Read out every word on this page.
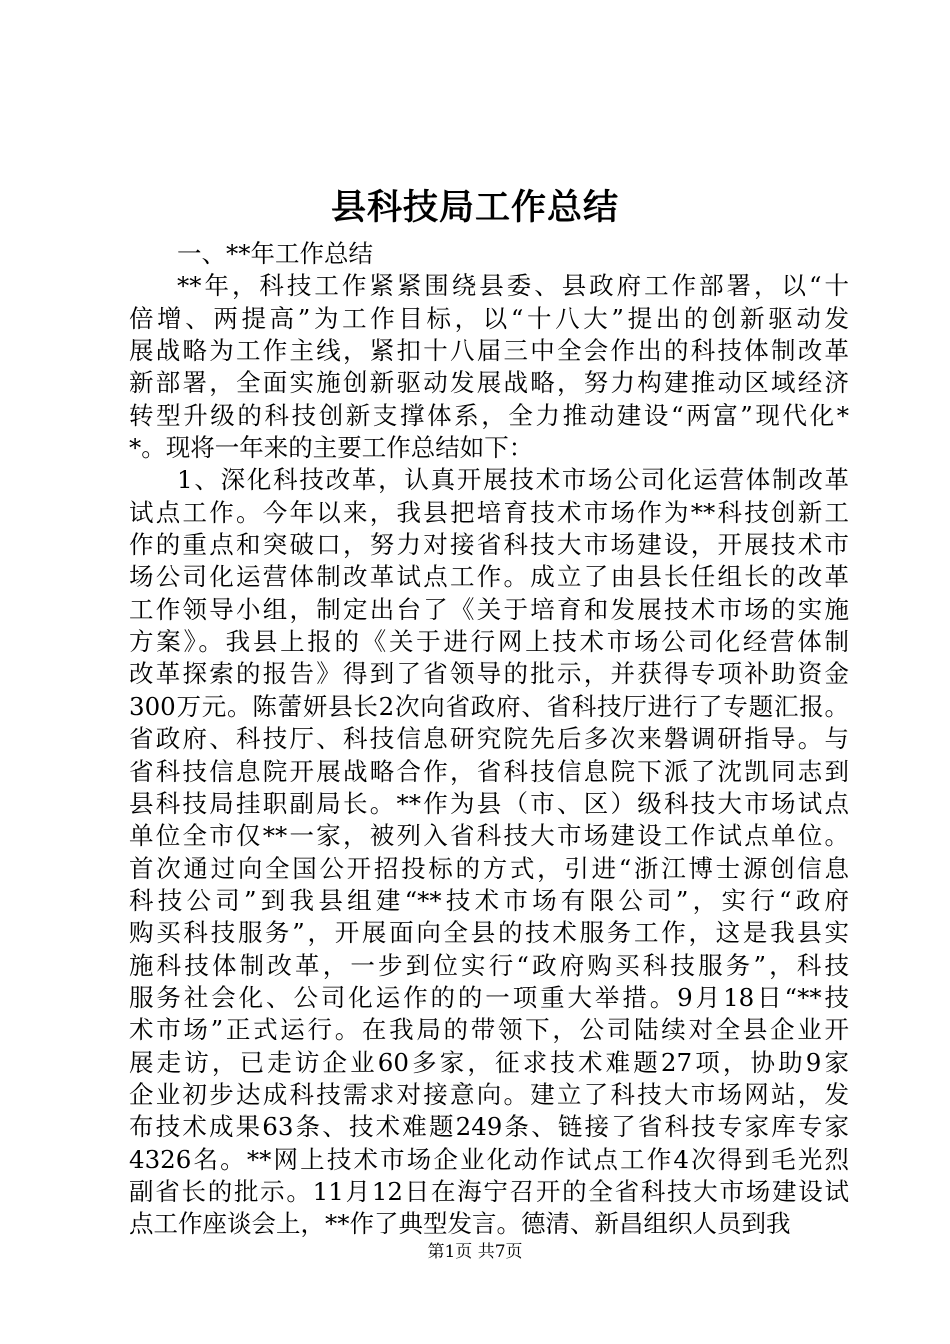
县科技局工作总结
一、**年工作总结
**年，科技工作紧紧围绕县委、县政府工作部署，以“十
倍增、两提高”为工作目标，以“十八大”提出的创新驱动发
展战略为工作主线，紧扣十八届三中全会作出的科技体制改革
新部署，全面实施创新驱动发展战略，努力构建推动区域经济
转型升级的科技创新支撑体系，全力推动建设“两富”现代化*
*。现将一年来的主要工作总结如下：
1、深化科技改革，认真开展技术市场公司化运营体制改革
试点工作。今年以来，我县把培育技术市场作为**科技创新工
作的重点和突破口，努力对接省科技大市场建设，开展技术市
场公司化运营体制改革试点工作。成立了由县长任组长的改革
工作领导小组，制定出台了《关于培育和发展技术市场的实施
方案》。我县上报的《关于进行网上技术市场公司化经营体制
改革探索的报告》得到了省领导的批示，并获得专项补助资金
300万元。陈蕾妍县长2次向省政府、省科技厅进行了专题汇报。
省政府、科技厅、科技信息研究院先后多次来磐调研指导。与
省科技信息院开展战略合作，省科技信息院下派了沈凯同志到
县科技局挂职副局长。**作为县（市、区）级科技大市场试点
单位全市仅**一家，被列入省科技大市场建设工作试点单位。
首次通过向全国公开招投标的方式，引进“浙江博士源创信息
科技公司”到我县组建“**技术市场有限公司”，实行“政府
购买科技服务”，开展面向全县的技术服务工作，这是我县实
施科技体制改革，一步到位实行“政府购买科技服务”，科技
服务社会化、公司化运作的的一项重大举措。9月18日“**技
术市场”正式运行。在我局的带领下，公司陆续对全县企业开
展走访，已走访企业60多家，征求技术难题27项，协助9家
企业初步达成科技需求对接意向。建立了科技大市场网站，发
布技术成果63条、技术难题249条、链接了省科技专家库专家
4326名。**网上技术市场企业化动作试点工作4次得到毛光烈
副省长的批示。11月12日在海宁召开的全省科技大市场建设试
点工作座谈会上，**作了典型发言。德清、新昌组织人员到我
第1页 共7页
